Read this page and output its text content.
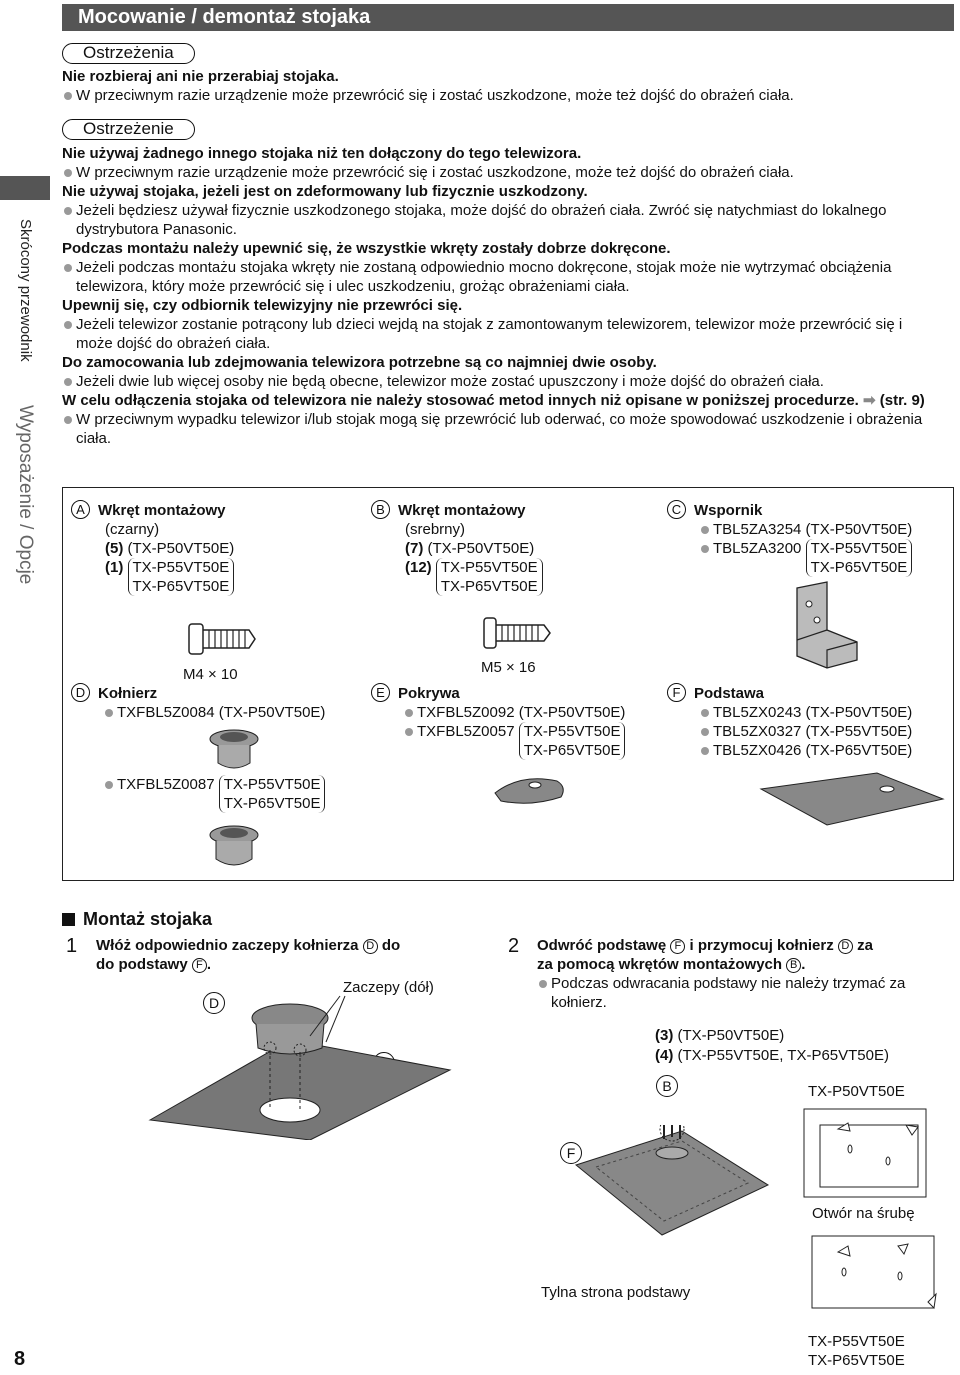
Skrócony przewodnik
Wyposażenie / Opcje
8
Mocowanie / demontaż stojaka
Ostrzeżenia
Nie rozbieraj ani nie przerabiaj stojaka.
W przeciwnym razie urządzenie może przewrócić się i zostać uszkodzone, może też dojść do obrażeń ciała.
Ostrzeżenie
Nie używaj żadnego innego stojaka niż ten dołączony do tego telewizora.
W przeciwnym razie urządzenie może przewrócić się i zostać uszkodzone, może też dojść do obrażeń ciała.
Nie używaj stojaka, jeżeli jest on zdeformowany lub fizycznie uszkodzony.
Jeżeli będziesz używał fizycznie uszkodzonego stojaka, może dojść do obrażeń ciała. Zwróć się natychmiast do lokalnego dystrybutora Panasonic.
Podczas montażu należy upewnić się, że wszystkie wkręty zostały dobrze dokręcone.
Jeżeli podczas montażu stojaka wkręty nie zostaną odpowiednio mocno dokręcone, stojak może nie wytrzymać obciążenia telewizora, który może przewrócić się i ulec uszkodzeniu, grożąc obrażeniami ciała.
Upewnij się, czy odbiornik telewizyjny nie przewróci się.
Jeżeli telewizor zostanie potrącony lub dzieci wejdą na stojak z zamontowanym telewizorem, telewizor może przewrócić się i może dojść do obrażeń ciała.
Do zamocowania lub zdejmowania telewizora potrzebne są co najmniej dwie osoby.
Jeżeli dwie lub więcej osoby nie będą obecne, telewizor może zostać upuszczony i może dojść do obrażeń ciała.
W celu odłączenia stojaka od telewizora nie należy stosować metod innych niż opisane w poniższej procedurze. ➡ (str. 9)
W przeciwnym wypadku telewizor i/lub stojak mogą się przewrócić lub oderwać, co może spowodować uszkodzenie i obrażenia ciała.
A Wkręt montażowy
(czarny)
(5) (TX-P50VT50E)
(1) TX-P55VT50E
TX-P65VT50E
M4 × 10
B Wkręt montażowy
(srebrny)
(7) (TX-P50VT50E)
(12) TX-P55VT50E
TX-P65VT50E
M5 × 16
C Wspornik
TBL5ZA3254 (TX-P50VT50E)
TBL5ZA3200 TX-P55VT50E
TX-P65VT50E
D Kołnierz
TXFBL5Z0084 (TX-P50VT50E)
TXFBL5Z0087 TX-P55VT50E
TX-P65VT50E
E Pokrywa
TXFBL5Z0092 (TX-P50VT50E)
TXFBL5Z0057 TX-P55VT50E
TX-P65VT50E
F Podstawa
TBL5ZX0243 (TX-P50VT50E)
TBL5ZX0327 (TX-P55VT50E)
TBL5ZX0426 (TX-P65VT50E)
Montaż stojaka
1 Włóż odpowiednio zaczepy kołnierza D do
do podstawy F .
Zaczepy (dół)
D
2 Odwróć podstawę F i przymocuj kołnierz D za
za pomocą wkrętów montażowych B .
Podczas odwracania podstawy nie należy trzymać za kołnierz.
(3) (TX-P50VT50E)
(4) (TX-P55VT50E, TX-P65VT50E)
B
F
TX-P50VT50E
Otwór na śrubę
Tylna strona podstawy
TX-P55VT50E
TX-P65VT50E
